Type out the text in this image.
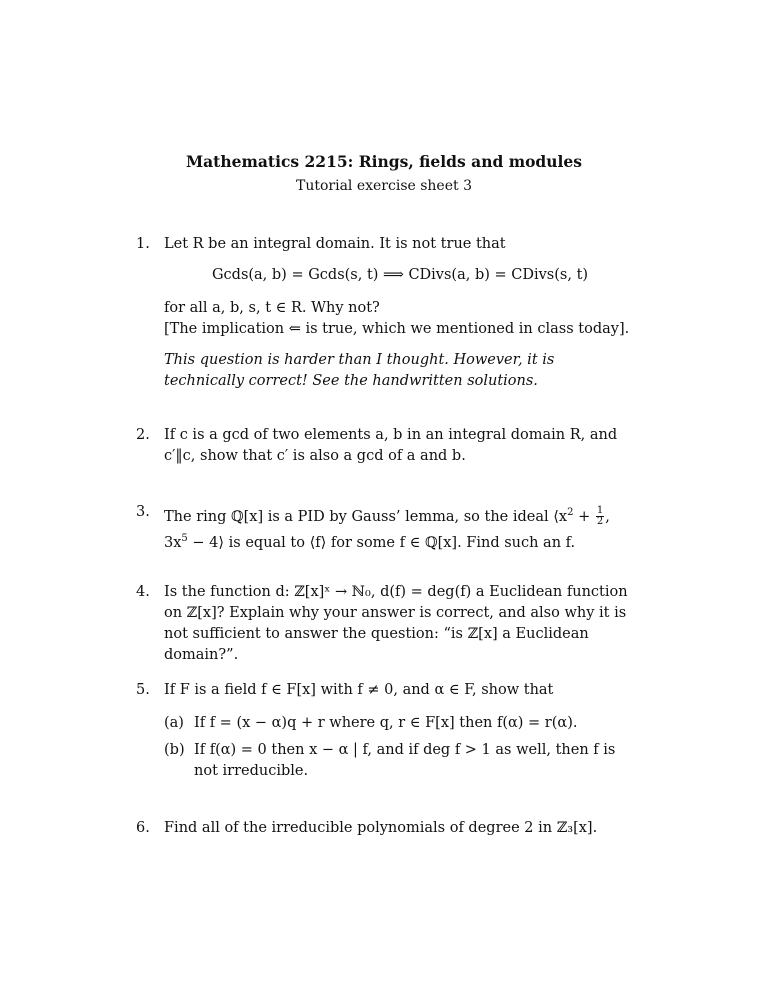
Mathematics 2215: Rings, fields and modules
Tutorial exercise sheet 3
1. Let R be an integral domain. It is not true that
Gcds(a, b) = Gcds(s, t) ⟹ CDivs(a, b) = CDivs(s, t)
for all a, b, s, t ∈ R. Why not?
[The implication ⇐ is true, which we mentioned in class today].
This question is harder than I thought. However, it is technically correct! See the handwritten solutions.
2. If c is a gcd of two elements a, b in an integral domain R, and c′‖c, show that c′ is also a gcd of a and b.
3. The ring ℚ[x] is a PID by Gauss’ lemma, so the ideal $⟨x^2 + \frac{1}{2}$ , $3x^5$ − 4⟩ is equal to ⟨f⟩ for some f ∈ ℚ[x]. Find such an f.
4. Is the function d: ℤ[x]ˣ → ℕ₀, d(f) = deg(f) a Euclidean function on ℤ[x]? Explain why your answer is correct, and also why it is not sufficient to answer the question: “is ℤ[x] a Euclidean domain?”.
5. If F is a field f ∈ F[x] with f ≠ 0, and α ∈ F, show that
(a) If f = (x − α)q + r where q, r ∈ F[x] then f(α) = r(α).
(b) If f(α) = 0 then x − α | f, and if deg f > 1 as well, then f is not irreducible.
6. Find all of the irreducible polynomials of degree 2 in ℤ₃[x].
